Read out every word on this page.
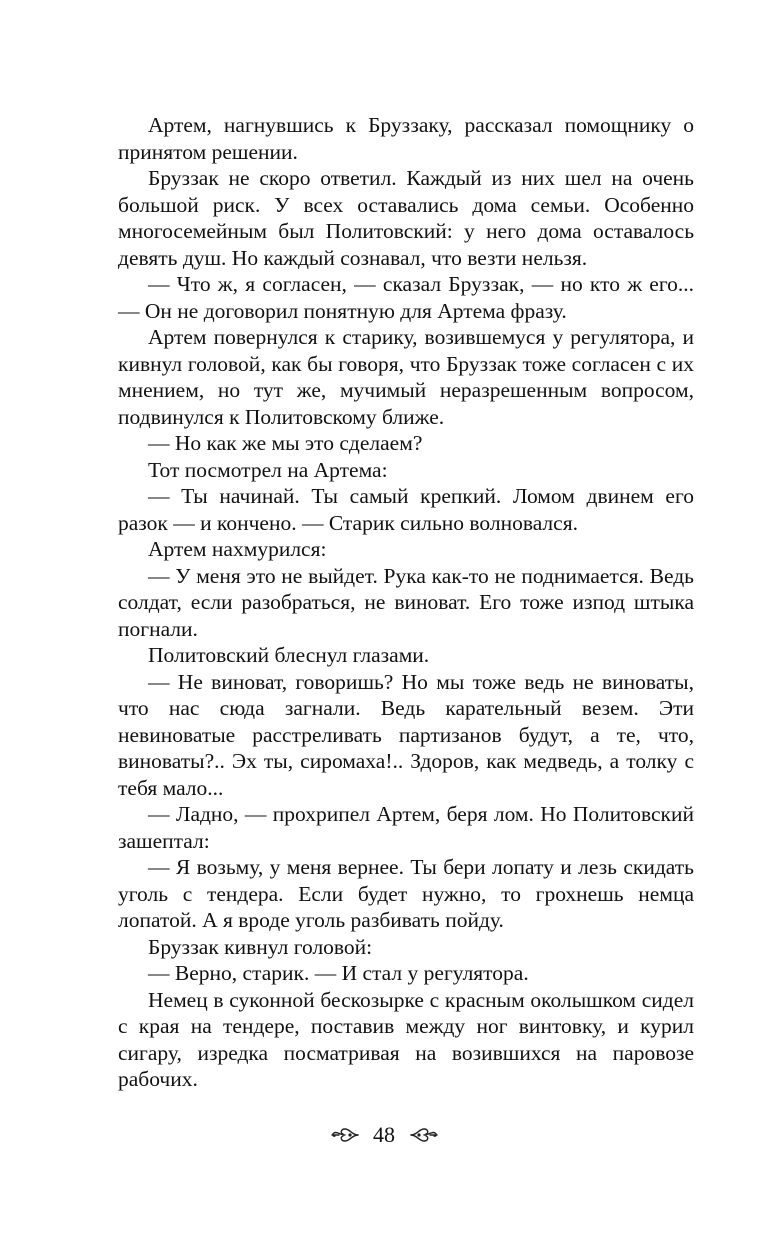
Артем, нагнувшись к Бруззаку, рассказал помощнику о принятом решении.

Бруззак не скоро ответил. Каждый из них шел на очень большой риск. У всех оставались дома семьи. Особенно многосемейным был Политовский: у него дома оставалось девять душ. Но каждый сознавал, что везти нельзя.

— Что ж, я согласен, — сказал Бруззак, — но кто ж его... — Он не договорил понятную для Артема фразу.

Артем повернулся к старику, возившемуся у регулятора, и кивнул головой, как бы говоря, что Бруззак тоже согласен с их мнением, но тут же, мучимый неразрешенным вопросом, подвинулся к Политовскому ближе.

— Но как же мы это сделаем?

Тот посмотрел на Артема:

— Ты начинай. Ты самый крепкий. Ломом двинем его разок — и кончено. — Старик сильно волновался.

Артем нахмурился:

— У меня это не выйдет. Рука как-то не поднимается. Ведь солдат, если разобраться, не виноват. Его тоже изпод штыка погнали.

Политовский блеснул глазами.

— Не виноват, говоришь? Но мы тоже ведь не виноваты, что нас сюда загнали. Ведь карательный везем. Эти невиноватые расстреливать партизанов будут, а те, что, виноваты?.. Эх ты, сиромаха!.. Здоров, как медведь, а толку с тебя мало...

— Ладно, — прохрипел Артем, беря лом. Но Политовский зашептал:

— Я возьму, у меня вернее. Ты бери лопату и лезь скидать уголь с тендера. Если будет нужно, то грохнешь немца лопатой. А я вроде уголь разбивать пойду.

Бруззак кивнул головой:

— Верно, старик. — И стал у регулятора.

Немец в суконной бескозырке с красным околышком сидел с края на тендере, поставив между ног винтовку, и курил сигару, изредка посматривая на возившихся на паровозе рабочих.

48
